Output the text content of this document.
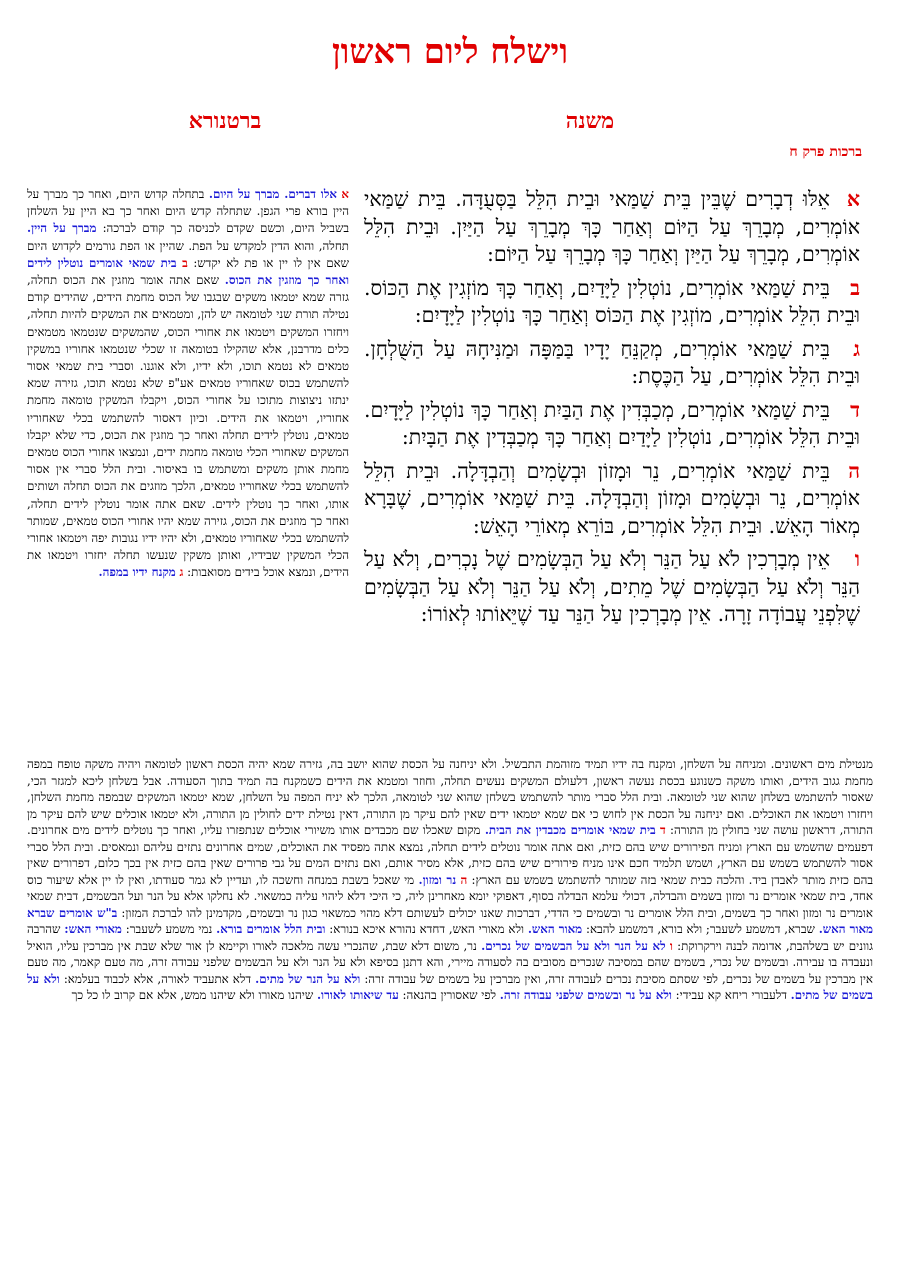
וישלח ליום ראשון
משנה
ברטנורא
ברכות פרק ח

אאֵלּוּ דְבָרִים שֶׁבֵּין בֵּית שַׁמַּאי וּבֵית הִלֵּל בַּסְּעֻדָּה. בֵּית שַׁמַּאי אוֹמְרִים, מְבָרֵךְ עַל הַיּוֹם וְאַחַר כָּךְ מְבָרֵךְ עַל הַיַּיִן. וּבֵית הִלֵּל אוֹמְרִים, מְבָרֵךְ עַל הַיַּיִן וְאַחַר כָּךְ מְבָרֵךְ עַל הַיּוֹם:

בבֵּית שַׁמַּאי אוֹמְרִים, נוֹטְלִין לַיָּדַיִם, וְאַחַר כָּךְ מוֹזְגִין אֶת הַכּוֹס. וּבֵית הִלֵּל אוֹמְרִים, מוֹזְגִין אֶת הַכּוֹס וְאַחַר כָּךְ נוֹטְלִין לַיָּדָיִם:

גבֵּית שַׁמַּאי אוֹמְרִים, מְקַנֵּחַ יָדָיו בַּמַּפָּה וּמַנִּיחָהּ עַל הַשֻּׁלְחָן. וּבֵית הִלֵּל אוֹמְרִים, עַל הַכֶּסֶת:

דבֵּית שַׁמַּאי אוֹמְרִים, מְכַבְּדִין אֶת הַבַּיִת וְאַחַר כָּךְ נוֹטְלִין לַיָּדָיִם. וּבֵית הִלֵּל אוֹמְרִים, נוֹטְלִין לַיָּדַיִם וְאַחַר כָּךְ מְכַבְּדִין אֶת הַבָּיִת:

הבֵּית שַׁמַּאי אוֹמְרִים, נֵר וּמָזוֹן וּבְשָׂמִים וְהַבְדָּלָה. וּבֵית הִלֵּל אוֹמְרִים, נֵר וּבְשָׂמִים וּמָזוֹן וְהַבְדָּלָה. בֵּית שַׁמַּאי אוֹמְרִים, שֶׁבָּרָא מְאוֹר הָאֵשׁ. וּבֵית הִלֵּל אוֹמְרִים, בּוֹרֵא מְאוֹרֵי הָאֵשׁ:

ואֵין מְבָרְכִין לֹא עַל הַנֵּר וְלֹא עַל הַבְּשָׂמִים שֶׁל נָכְרִים, וְלֹא עַל הַנֵּר וְלֹא עַל הַבְּשָׂמִים שֶׁל מֵתִים, וְלֹא עַל הַנֵּר וְלֹא עַל הַבְּשָׂמִים שֶׁלִּפְנֵי עֲבוֹדָה זָרָה. אֵין מְבָרְכִין עַל הַנֵּר עַד שֶׁיֵּאוֹתוּ לְאוֹרוֹ:

א אלו דברים. מברך על היום. בתחלה קדוש היום, ואחר כך מברך על היין בורא פרי הגפן. שתחלה קדש היום ואחר כך בא היין על השלחן בשביל היום, וכשם שקדם לכניסה כך קודם לברכה: מברך על היין. תחלה, והוא הדין למקדש על הפת. שהיין או הפת גורמים לקדוש היום שאם אין לו יין או פת לא יקדש: ב בית שמאי אומרים נוטלין לידים ואחר כך מוזגין את הכוס. שאם אתה אומר מוזגין את הכוס תחלה, גזרה שמא יטמאו משקים שבגבו של הכוס מחמת הידים, שהידים קודם נטילה תורת שני לטומאה יש להן, ומטמאים את המשקים להיות תחלה, ויחזרו המשקים ויטמאו את אחורי הכוס, שהמשקים שנטמאו מטמאים כלים מדרבנן, אלא שהקילו בטומאה זו שכלי שנטמאו אחוריו במשקין טמאים לא נטמא תוכו, ולא ידיו, ולא אוגנו. וסברי בית שמאי אסור להשתמש בכוס שאחוריו טמאים אע"פ שלא נטמא תוכו, גזירה שמא ינתזו ניצוצות מתוכו על אחורי הכוס, ויקבלו המשקין טומאה מחמת אחוריו, ויטמאו את הידים. וכיון דאסור להשתמש בכלי שאחוריו טמאים, נוטלין לידים תחלה ואחר כך מוזגין את הכוס, כדי שלא יקבלו המשקים שאחורי הכלי טומאה מחמת ידים, ונמצאו אחורי הכוס טמאים מחמת אותן משקים ומשתמש בו באיסור. ובית הלל סברי אין אסור להשתמש בכלי שאחוריו טמאים, הלכך מוזגים את הכוס תחלה ושותים אותו, ואחר כך נוטלין לידים. שאם אתה אומר נוטלין לידים תחלה, ואחר כך מוזגים את הכוס, גזירה שמא יהיו אחורי הכוס טמאים, שמותר להשתמש בכלי שאחוריו טמאים, ולא יהיו ידיו נגובות יפה ויטמאו אחורי הכלי המשקין שבידיו, ואותן משקין שנעשו תחלה יחזרו ויטמאו את הידים, ונמצא אוכל בידים מסואבות: ג מקנח ידיו במפה.
מנטילת מים ראשונים. ומניחה על השלחן, ומקנח בה ידיו תמיד מזוהמת התבשיל. ולא יניחנה על הכסת שהוא יושב בה, גזירה שמא יהיה הכסת ראשון לטומאה ויהיה משקה טופח במפה מחמת גגוב הידים, ואותו משקה כשנוגע בכסת נעשה ראשון, דלעולם המשקים נעשים תחלה, וחוזר ומטמא את הידים כשמקנח בה תמיד בתוך הסעודה. אבל בשלחן ליכא למגזר הכי, שאסור להשתמש בשלחן שהוא שני לטומאה. ובית הלל סברי מותר להשתמש בשלחן שהוא שני לטומאה, הלכך לא יניח המפה על השלחן, שמא יטמאו המשקים שבמפה מחמת השלחן, ויחזרו ויטמאו את האוכלים. ואם יניחנה על הכסת אין לחוש כי אם שמא יטמאו ידים שאין להם עיקר מן התורה, דאין נטילת ידים לחולין מן התורה, ולא יטמאו אוכלים שיש להם עיקר מן התורה, דראשון עושה שני בחולין מן התורה: ד בית שמאי אומרים מכבדין את הבית. מקום שאכלו שם מכבדים אותו משיורי אוכלים שנתפזרו עליו, ואחר כך נוטלים לידים מים אחרונים. דפעמים שהשמש עם הארץ ומניח הפירורים שיש בהם כזית, ואם אתה אומר נוטלים לידים תחלה, נמצא אתה מפסיד את האוכלים, שמים אחרונים נתזים עליהם ונמאסים. ובית הלל סברי אסור להשתמש בשמש עם הארץ, ושמש תלמיד חכם אינו מניח פירורים שיש בהם כזית, אלא מסיר אותם, ואם נתזים המים על גבי פרורים שאין בהם כזית אין בכך כלום, דפרורים שאין בהם כזית מותר לאבדן ביד. והלכה כבית שמאי בזה שמותר להשתמש בשמש עם הארץ: ה נר ומזון. מי שאכל בשבת במנחה וחשכה לו, ועדיין לא גמר סעודתו, ואין לו יין אלא שיעור כוס אחד, בית שמאי אומרים נר ומזון בשמים והבדלה, דכולי עלמא הבדלה בסוף, דאפוקי יומא מאחרינן ליה, כי היכי דלא ליהוי עליה כמשאוי. לא נחלקו אלא על הנר ועל הבשמים, דבית שמאי אומרים נר ומזון ואחר כך בשמים, ובית הלל אומרים נר ובשמים כי הדדי, דברכות שאנו יכולים לעשותם דלא מהוי כמשאוי כגון נר ובשמים, מקדמינן להו לברכת המזון: ב"ש אומרים שברא מאור האש. שברא, דמשמע לשעבר; ולא בורא, דמשמע להבא: מאור האש. ולא מאורי האש, דחדא נהורא איכא בנורא: ובית הלל אומרים בורא. נמי משמע לשעבר: מאורי האש: שהרבה גוונים יש בשלהבת, אדומה לבנה וירקרוקת: ו לא על הנר ולא על הבשמים של נכרים. נר, משום דלא שבת, שהנכרי עשה מלאכה לאורו וקיימא לן אור שלא שבת אין מברכין עליו, הואיל ונעבדה בו עבירה. ובשמים של נכרי, בשמים שהם במסיבה שנכרים מסובים בה לסעודה מיירי, והא דתנן בסיפא ולא על הנר ולא על הבשמים שלפני עבודה זרה, מה טעם קאמר, מה טעם אין מברכין על בשמים של נכרים, לפי שסתם מסיבת נכרים לעבודה זרה, ואין מברכין על בשמים של עבודה זרה: ולא על הנר של מתים. דלא אתעביד לאורה, אלא לכבוד בעלמא: ולא על בשמים של מתים. דלעבורי ריחא קא עבידי: ולא על נר ובשמים שלפני עבודה זרה. לפי שאסורין בהנאה: עד שיאותו לאורו. שיהנו מאורו ולא שיהנו ממש, אלא אם קרוב לו כל כך
